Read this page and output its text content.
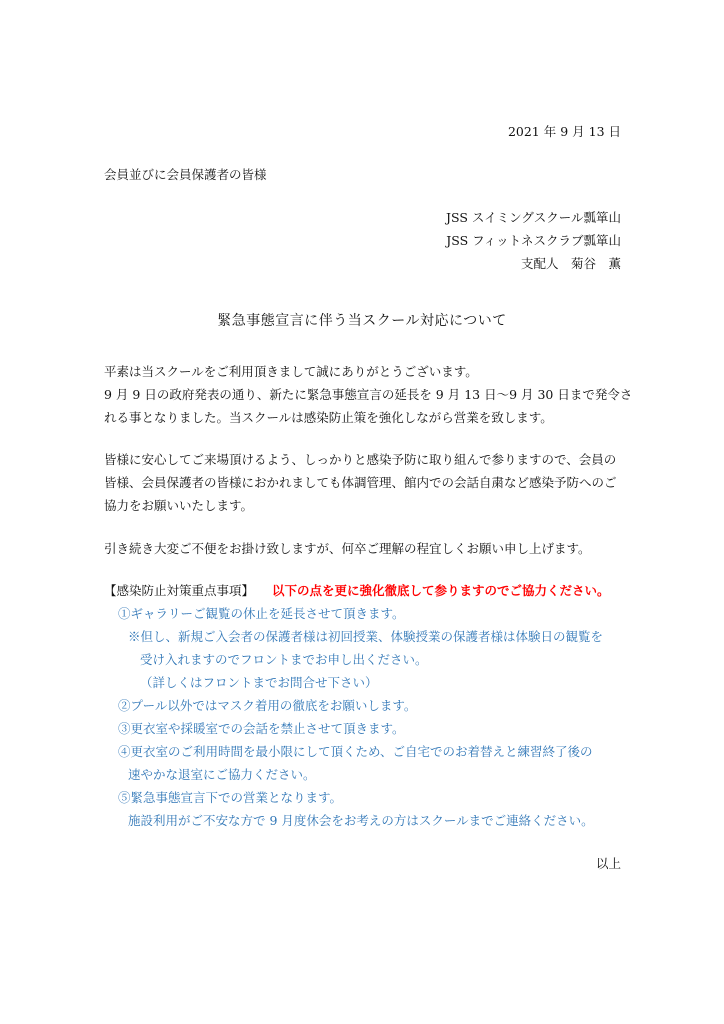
2021 年 9 月 13 日
会員並びに会員保護者の皆様
JSS スイミングスクール瓢箪山
JSS フィットネスクラブ瓢箪山
支配人　菊谷　薫
緊急事態宣言に伴う当スクール対応について
平素は当スクールをご利用頂きまして誠にありがとうございます。
9 月 9 日の政府発表の通り、新たに緊急事態宣言の延長を 9 月 13 日〜9 月 30 日まで発令さ
れる事となりました。当スクールは感染防止策を強化しながら営業を致します。
皆様に安心してご来場頂けるよう、しっかりと感染予防に取り組んで参りますので、会員の
皆様、会員保護者の皆様におかれましても体調管理、館内での会話自粛など感染予防へのご
協力をお願いいたします。
引き続き大変ご不便をお掛け致しますが、何卒ご理解の程宜しくお願い申し上げます。
【感染防止対策重点事項】 以下の点を更に強化徹底して参りますのでご協力ください。
①ギャラリーご観覧の休止を延長させて頂きます。
※但し、新規ご入会者の保護者様は初回授業、体験授業の保護者様は体験日の観覧を
受け入れますのでフロントまでお申し出ください。
（詳しくはフロントまでお問合せ下さい）
②プール以外ではマスク着用の徹底をお願いします。
③更衣室や採暖室での会話を禁止させて頂きます。
④更衣室のご利用時間を最小限にして頂くため、ご自宅でのお着替えと練習終了後の
速やかな退室にご協力ください。
⑤緊急事態宣言下での営業となります。
施設利用がご不安な方で 9 月度休会をお考えの方はスクールまでご連絡ください。
以上
